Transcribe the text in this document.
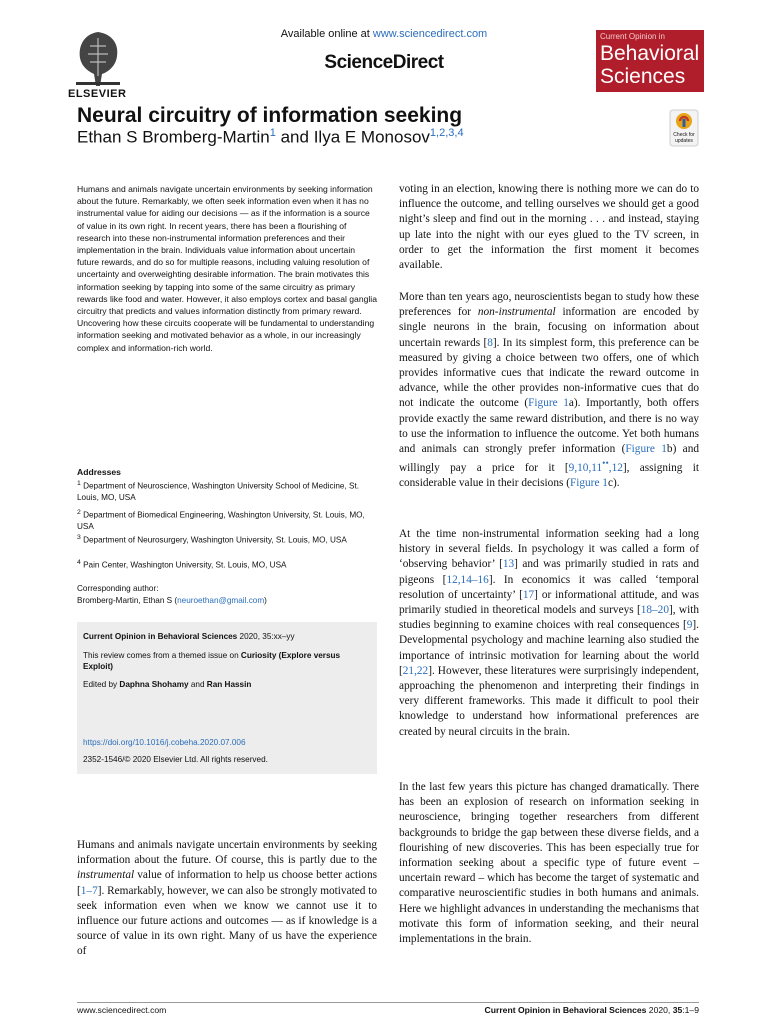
Available online at www.sciencedirect.com
ScienceDirect
ELSEVIER
Current Opinion in
Behavioral
Sciences
Neural circuitry of information seeking
Ethan S Bromberg-Martin$^1$ and Ilya E Monosov$^{1,2,3,4}$	Check for updates
Humans and animals navigate uncertain environments by seeking information about the future. Remarkably, we often seek information even when it has no instrumental value for aiding our decisions — as if the information is a source of value in its own right. In recent years, there has been a flourishing of research into these non-instrumental information preferences and their implementation in the brain. Individuals value information about uncertain future rewards, and do so for multiple reasons, including valuing resolution of uncertainty and overweighting desirable information. The brain motivates this information seeking by tapping into some of the same circuitry as primary rewards like food and water. However, it also employs cortex and basal ganglia circuitry that predicts and values information distinctly from primary reward. Uncovering how these circuits cooperate will be fundamental to understanding information seeking and motivated behavior as a whole, in our increasingly complex and information-rich world.
Addresses
$^1$ Department of Neuroscience, Washington University School of Medicine, St. Louis, MO, USA
$^2$ Department of Biomedical Engineering, Washington University, St. Louis, MO, USA
$^3$ Department of Neurosurgery, Washington University, St. Louis, MO, USA
$^4$ Pain Center, Washington University, St. Louis, MO, USA
Corresponding author:
Bromberg-Martin, Ethan S (neuroethan@gmail.com)
Current Opinion in Behavioral Sciences 2020, 35:xx–yy
This review comes from a themed issue on Curiosity (Explore versus Exploit)
Edited by Daphna Shohamy and Ran Hassin
https://doi.org/10.1016/j.cobeha.2020.07.006
2352-1546/© 2020 Elsevier Ltd. All rights reserved.
Humans and animals navigate uncertain environments by seeking information about the future. Of course, this is partly due to the instrumental value of information to help us choose better actions [1–7]. Remarkably, however, we can also be strongly motivated to seek information even when we know we cannot use it to influence our future actions and outcomes — as if knowledge is a source of value in its own right. Many of us have the experience of
voting in an election, knowing there is nothing more we can do to influence the outcome, and telling ourselves we should get a good night’s sleep and find out in the morning . . . and instead, staying up late into the night with our eyes glued to the TV screen, in order to get the information the first moment it becomes available.
More than ten years ago, neuroscientists began to study how these preferences for non-instrumental information are encoded by single neurons in the brain, focusing on information about uncertain rewards [8]. In its simplest form, this preference can be measured by giving a choice between two offers, one of which provides informative cues that indicate the reward outcome in advance, while the other provides non-informative cues that do not indicate the outcome (Figure 1a). Importantly, both offers provide exactly the same reward distribution, and there is no way to use the information to influence the outcome. Yet both humans and animals can strongly prefer information (Figure 1b) and willingly pay a price for it [9,10,11••,12], assigning it considerable value in their decisions (Figure 1c).
At the time non-instrumental information seeking had a long history in several fields. In psychology it was called a form of ‘observing behavior’ [13] and was primarily studied in rats and pigeons [12,14–16]. In economics it was called ‘temporal resolution of uncertainty’ [17] or informational attitude, and was primarily studied in theoretical models and surveys [18–20], with studies beginning to examine choices with real consequences [9]. Developmental psychology and machine learning also studied the importance of intrinsic motivation for learning about the world [21,22]. However, these literatures were surprisingly independent, approaching the phenomenon and interpreting their findings in very different frameworks. This made it difficult to pool their knowledge to understand how informational preferences are created by neural circuits in the brain.
In the last few years this picture has changed dramatically. There has been an explosion of research on information seeking in neuroscience, bringing together researchers from different backgrounds to bridge the gap between these diverse fields, and a flourishing of new discoveries. This has been especially true for information seeking about a specific type of future event – uncertain reward – which has become the target of systematic and comparative neuroscientific studies in both humans and animals. Here we highlight advances in understanding the mechanisms that motivate this form of information seeking, and their neural implementations in the brain.
www.sciencedirect.com	Current Opinion in Behavioral Sciences 2020, 35:1–9
